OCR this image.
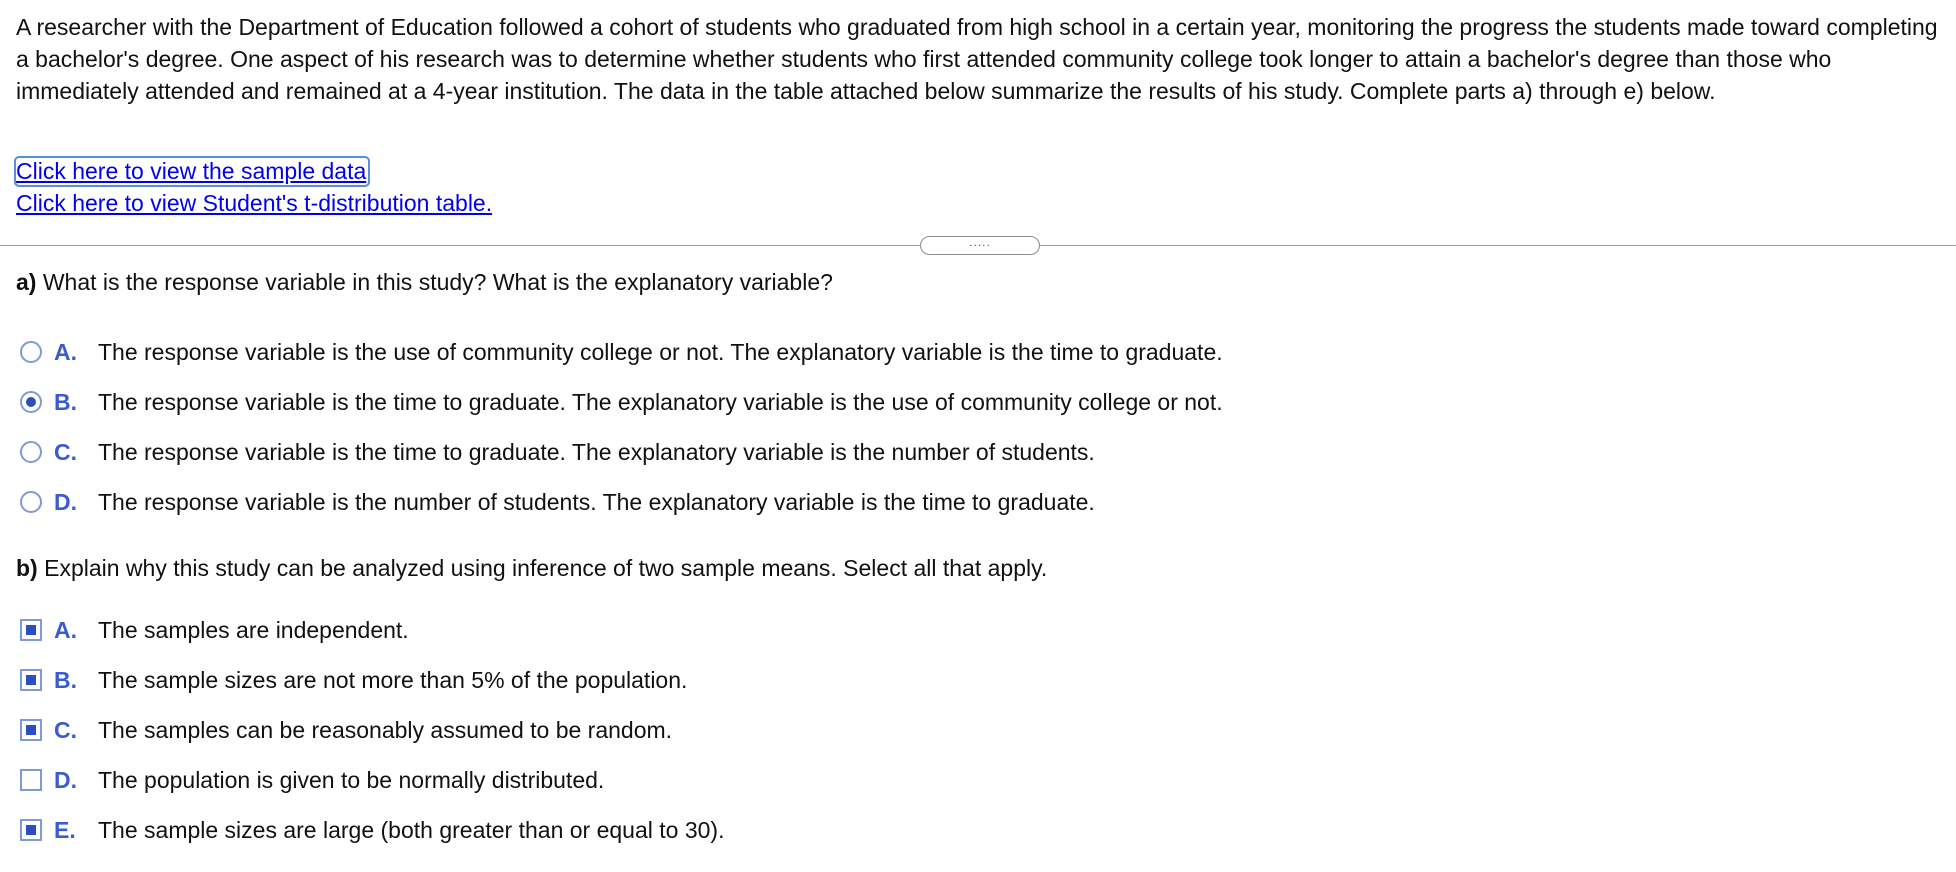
A researcher with the Department of Education followed a cohort of students who graduated from high school in a certain year, monitoring the progress the students made toward completing a bachelor's degree. One aspect of his research was to determine whether students who first attended community college took longer to attain a bachelor's degree than those who immediately attended and remained at a 4-year institution. The data in the table attached below summarize the results of his study. Complete parts a) through e) below.

Click here to view the sample data
Click here to view Student's t-distribution table.
.....
a) What is the response variable in this study? What is the explanatory variable?
A. The response variable is the use of community college or not. The explanatory variable is the time to graduate.
B. The response variable is the time to graduate. The explanatory variable is the use of community college or not.
C. The response variable is the time to graduate. The explanatory variable is the number of students.
D. The response variable is the number of students. The explanatory variable is the time to graduate.
b) Explain why this study can be analyzed using inference of two sample means. Select all that apply.
A. The samples are independent.
B. The sample sizes are not more than 5% of the population.
C. The samples can be reasonably assumed to be random.
D. The population is given to be normally distributed.
E. The sample sizes are large (both greater than or equal to 30).
